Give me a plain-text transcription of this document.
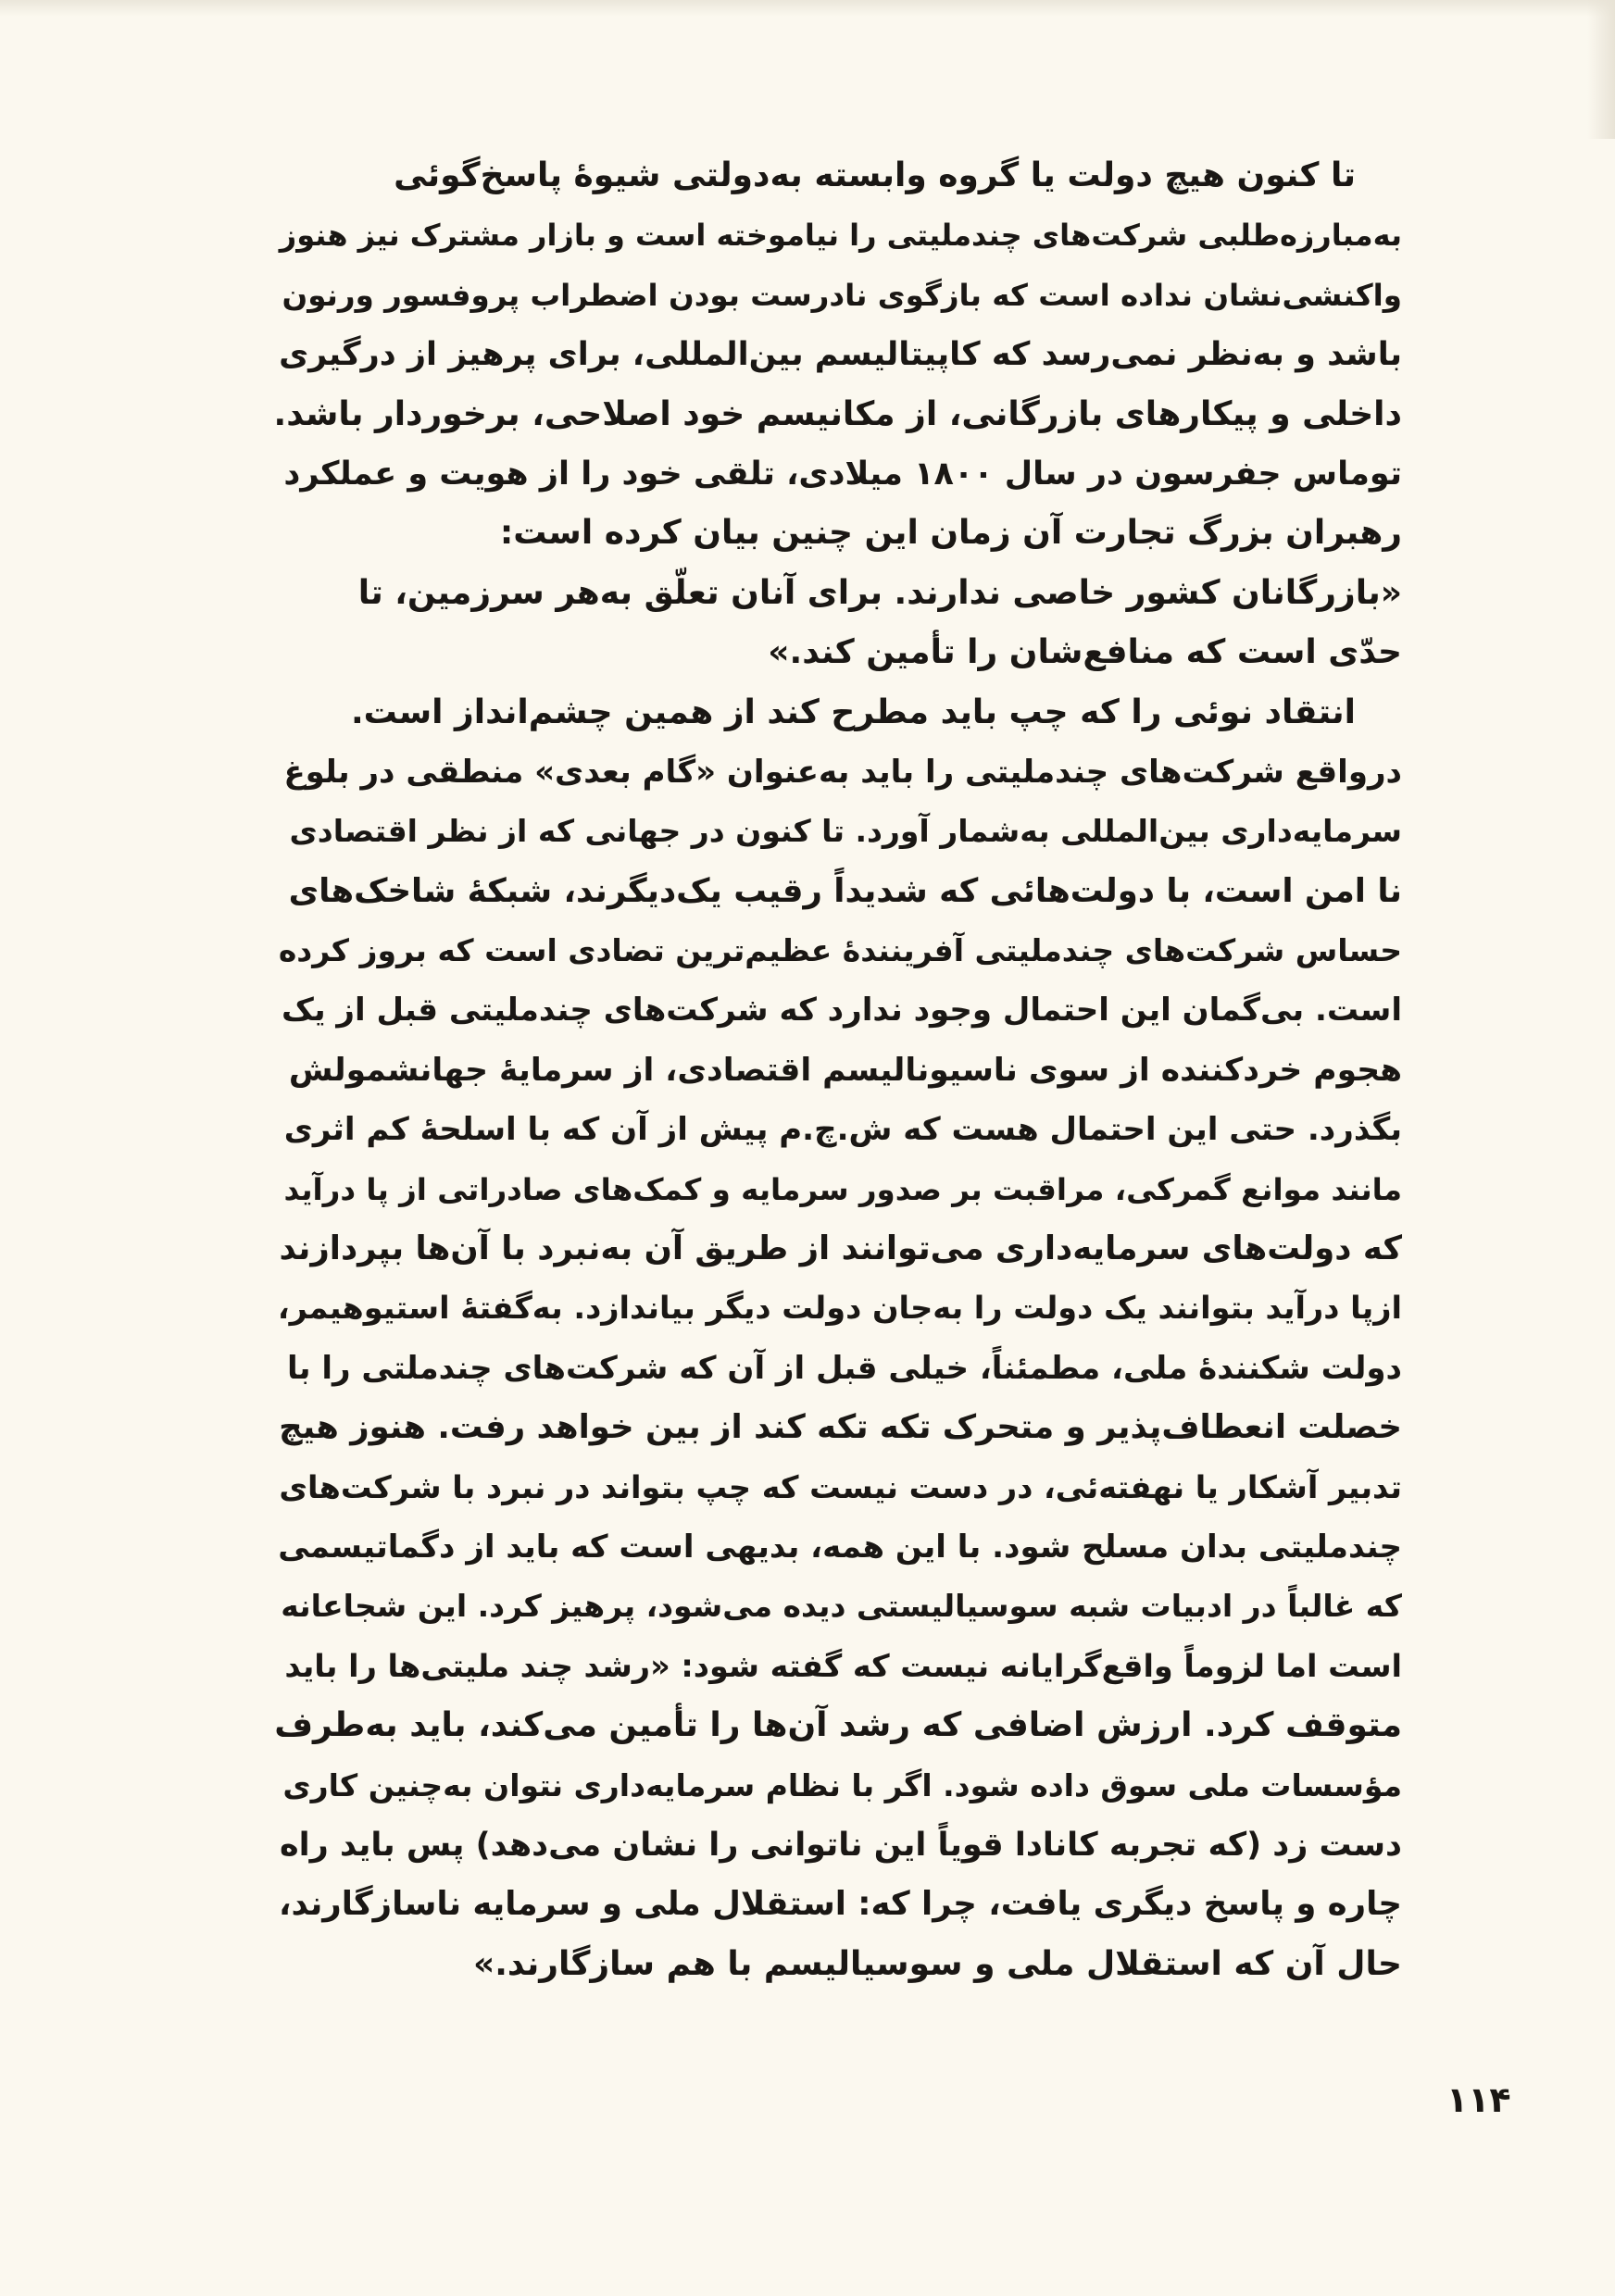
تا کنون هیچ دولت یا گروه وابسته به‌دولتی شیوهٔ پاسخ‌گوئی
به‌مبارزه‌طلبی شرکت‌های چندملیتی را نیاموخته است و بازار مشترک نیز هنوز
واکنشی‌نشان نداده است که بازگوی نادرست بودن اضطراب پروفسور ورنون
باشد و به‌نظر نمی‌رسد که کاپیتالیسم بین‌المللی، برای پرهیز از درگیری
داخلی و پیکارهای بازرگانی، از مکانیسم خود اصلاحی، برخوردار باشد.
توماس جفرسون در سال ۱۸۰۰ میلادی، تلقی خود را از هویت و عملکرد
رهبران بزرگ تجارت آن زمان این چنین بیان کرده است:
«بازرگانان کشور خاصی ندارند. برای آنان تعلّق به‌هر سرزمین، تا
حدّی است که منافع‌شان را تأمین کند.»
انتقاد نوئی را که چپ باید مطرح کند از همین چشم‌انداز است.
درواقع شرکت‌های چندملیتی را باید به‌عنوان «گام بعدی» منطقی در بلوغ
سرمایه‌داری بین‌المللی به‌شمار آورد. تا کنون در جهانی که از نظر اقتصادی
نا امن است، با دولت‌هائی که شدیداً رقیب یک‌دیگرند، شبکهٔ شاخک‌های
حساس شرکت‌های چندملیتی آفرینندهٔ عظیم‌ترین تضادی است که بروز کرده
است. بی‌گمان این احتمال وجود ندارد که شرکت‌های چندملیتی قبل از یک
هجوم خردکننده از سوی ناسیونالیسم اقتصادی، از سرمایهٔ جهانشمولش
بگذرد. حتی این احتمال هست که ش.چ.م پیش از آن که با اسلحهٔ کم اثری
مانند موانع گمرکی، مراقبت بر صدور سرمایه و کمک‌های صادراتی از پا درآید
که دولت‌های سرمایه‌داری می‌توانند از طریق آن به‌نبرد با آن‌ها بپردازند
ازپا درآید بتوانند یک دولت را به‌جان دولت دیگر بیاندازد. به‌گفتهٔ استیوهیمر،
دولت شکنندهٔ ملی، مطمئناً، خیلی قبل از آن که شرکت‌های چندملتی را با
خصلت انعطاف‌پذیر و متحرک تکه تکه کند از بین خواهد رفت. هنوز هیچ
تدبیر آشکار یا نهفته‌ئی، در دست نیست که چپ بتواند در نبرد با شرکت‌های
چندملیتی بدان مسلح شود. با این همه، بدیهی است که باید از دگماتیسمی
که غالباً در ادبیات شبه سوسیالیستی دیده می‌شود، پرهیز کرد. این شجاعانه
است اما لزوماً واقع‌گرایانه نیست که گفته شود: «رشد چند ملیتی‌ها را باید
متوقف کرد. ارزش اضافی که رشد آن‌ها را تأمین می‌کند، باید به‌طرف
مؤسسات ملی سوق داده شود. اگر با نظام سرمایه‌داری نتوان به‌چنین کاری
دست زد (که تجربه کانادا قویاً این ناتوانی را نشان می‌دهد) پس باید راه
چاره و پاسخ دیگری یافت، چرا که: استقلال ملی و سرمایه ناسازگارند،
حال آن که استقلال ملی و سوسیالیسم با هم سازگارند.»
۱۱۴
